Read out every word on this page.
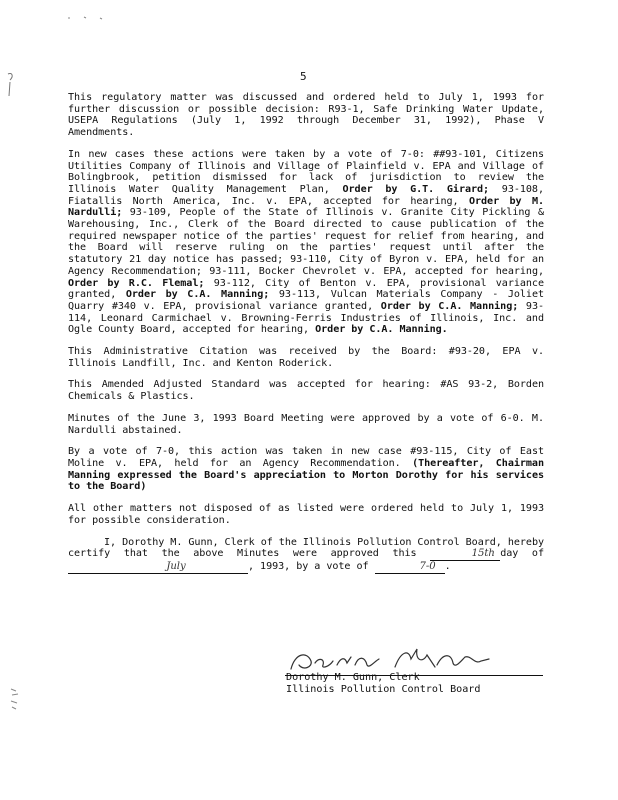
5

This regulatory matter was discussed and ordered held to July 1, 1993 for further discussion or possible decision: R93-1, Safe Drinking Water Update, USEPA Regulations (July 1, 1992 through December 31, 1992), Phase V Amendments.

In new cases these actions were taken by a vote of 7-0: ##93-101, Citizens Utilities Company of Illinois and Village of Plainfield v. EPA and Village of Bolingbrook, petition dismissed for lack of jurisdiction to review the Illinois Water Quality Management Plan, Order by G.T. Girard; 93-108, Fiatallis North America, Inc. v. EPA, accepted for hearing, Order by M. Nardulli; 93-109, People of the State of Illinois v. Granite City Pickling & Warehousing, Inc., Clerk of the Board directed to cause publication of the required newspaper notice of the parties' request for relief from hearing, and the Board will reserve ruling on the parties' request until after the statutory 21 day notice has passed; 93-110, City of Byron v. EPA, held for an Agency Recommendation; 93-111, Bocker Chevrolet v. EPA, accepted for hearing, Order by R.C. Flemal; 93-112, City of Benton v. EPA, provisional variance granted, Order by C.A. Manning; 93-113, Vulcan Materials Company - Joliet Quarry #340 v. EPA, provisional variance granted, Order by C.A. Manning; 93-114, Leonard Carmichael v. Browning-Ferris Industries of Illinois, Inc. and Ogle County Board, accepted for hearing, Order by C.A. Manning.

This Administrative Citation was received by the Board: #93-20, EPA v. Illinois Landfill, Inc. and Kenton Roderick.

This Amended Adjusted Standard was accepted for hearing: #AS 93-2, Borden Chemicals & Plastics.

Minutes of the June 3, 1993 Board Meeting were approved by a vote of 6-0. M. Nardulli abstained.

By a vote of 7-0, this action was taken in new case #93-115, City of East Moline v. EPA, held for an Agency Recommendation. (Thereafter, Chairman Manning expressed the Board's appreciation to Morton Dorothy for his services to the Board)

All other matters not disposed of as listed were ordered held to July 1, 1993 for possible consideration.

I, Dorothy M. Gunn, Clerk of the Illinois Pollution Control Board, hereby certify that the above Minutes were approved this	15th day ofJuly	, 1993, by a vote of	7-0 .

Dorothy M. Gunn, Clerk
Illinois Pollution Control Board
